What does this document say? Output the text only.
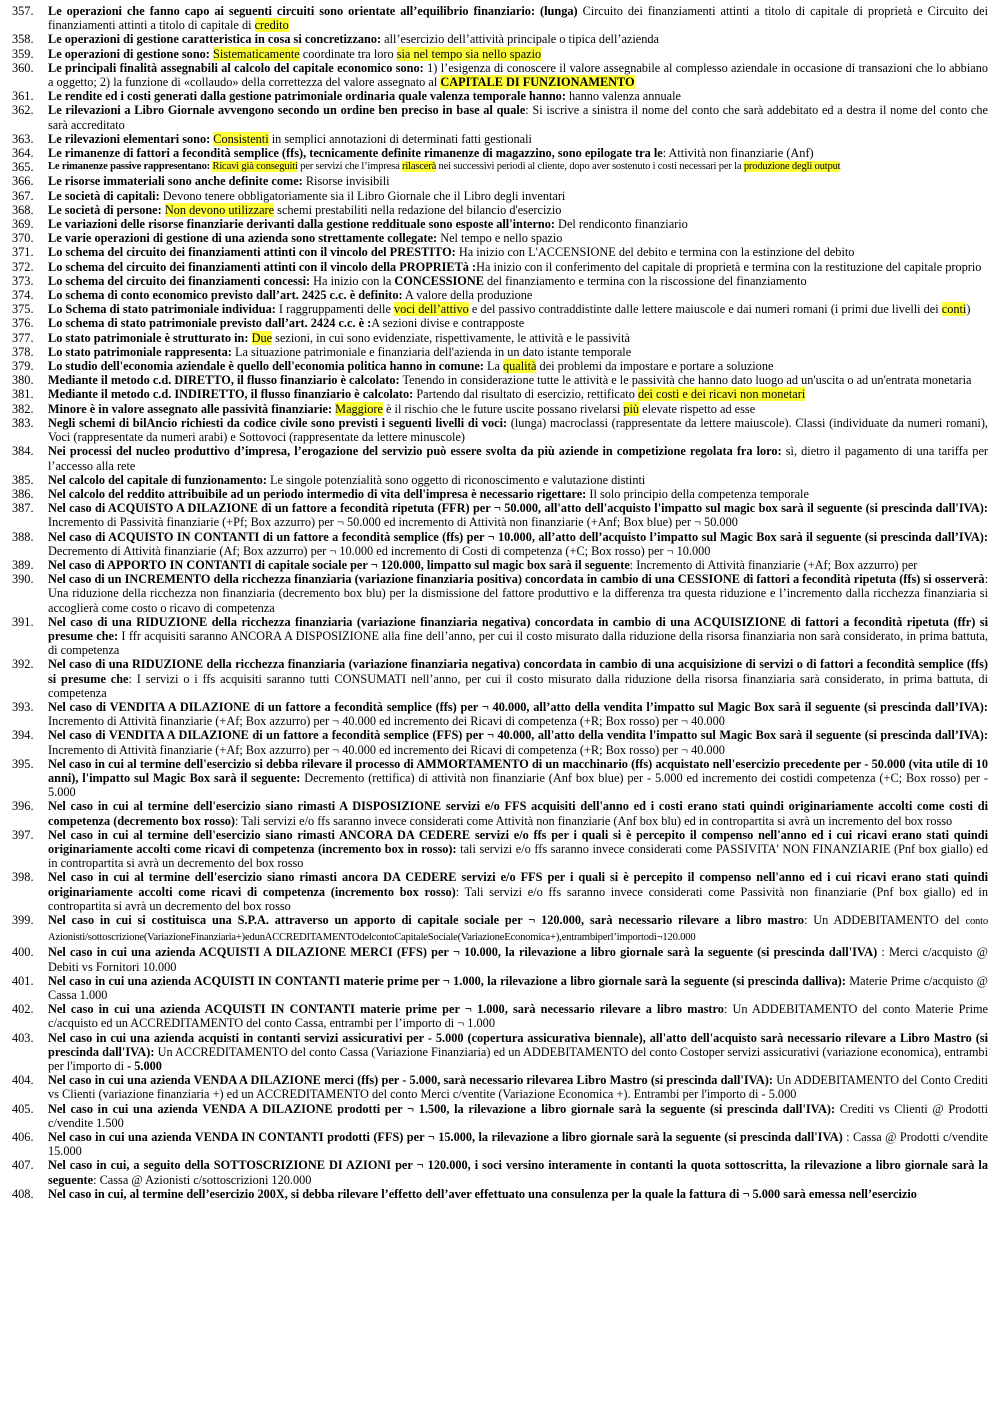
357.	Le operazioni che fanno capo ai seguenti circuiti sono orientate all’equilibrio finanziario: (lunga) Circuito dei finanziamenti attinti a titolo di capitale di proprietà e Circuito dei finanziamenti attinti a titolo di capitale di credito
358.	Le operazioni di gestione caratteristica in cosa si concretizzano: all’esercizio dell’attività principale o tipica dell’azienda
359.	Le operazioni di gestione sono: Sistematicamente coordinate tra loro sia nel tempo sia nello spazio
360.	Le principali finalità assegnabili al calcolo del capitale economico sono: 1) l’esigenza di conoscere il valore assegnabile al complesso aziendale in occasione di transazioni che lo abbiano a oggetto; 2) la funzione di «collaudo» della correttezza del valore assegnato al CAPITALE DI FUNZIONAMENTO
361.	Le rendite ed i costi generati dalla gestione patrimoniale ordinaria quale valenza temporale hanno: hanno valenza annuale
362.	Le rilevazioni a Libro Giornale avvengono secondo un ordine ben preciso in base al quale: Si iscrive a sinistra il nome del conto che sarà addebitato ed a destra il nome del conto che sarà accreditato
363.	Le rilevazioni elementari sono: Consistenti in semplici annotazioni di determinati fatti gestionali
364.	Le rimanenze di fattori a fecondità semplice (ffs), tecnicamente definite rimanenze di magazzino, sono epilogate tra le: Attività non finanziarie (Anf)
365.	Le rimanenze passive rappresentano: Ricavi già conseguiti per servizi che l’impresa rilascerà nei successivi periodi al cliente, dopo aver sostenuto i costi necessari per la produzione degli output
366.	Le risorse immateriali sono anche definite come: Risorse invisibili
367.	Le società di capitali: Devono tenere obbligatoriamente sia il Libro Giornale che il Libro degli inventari
368.	Le società di persone: Non devono utilizzare schemi prestabiliti nella redazione del bilancio d'esercizio
369.	Le variazioni delle risorse finanziarie derivanti dalla gestione reddituale sono esposte all'interno: Del rendiconto finanziario
370.	Le varie operazioni di gestione di una azienda sono strettamente collegate: Nel tempo e nello spazio
371.	Lo schema del circuito dei finanziamenti attinti con il vincolo del PRESTITO: Ha inizio con L'ACCENSIONE del debito e termina con la estinzione del debito
372.	Lo schema del circuito dei finanziamenti attinti con il vincolo della PROPRIETà :Ha inizio con il conferimento del capitale di proprietà e termina con la restituzione del capitale proprio
373.	Lo schema del circuito dei finanziamenti concessi: Ha inizio con la CONCESSIONE del finanziamento e termina con la riscossione del finanziamento
374.	Lo schema di conto economico previsto dall’art. 2425 c.c. è definito: A valore della produzione
375.	Lo Schema di stato patrimoniale individua: I raggruppamenti delle voci dell’attivo e del passivo contraddistinte dalle lettere maiuscole e dai numeri romani (i primi due livelli dei conti)
376.	Lo schema di stato patrimoniale previsto dall’art. 2424 c.c. è :A sezioni divise e contrapposte
377.	Lo stato patrimoniale è strutturato in: Due sezioni, in cui sono evidenziate, rispettivamente, le attività e le passività
378.	Lo stato patrimoniale rappresenta: La situazione patrimoniale e finanziaria dell'azienda in un dato istante temporale
379.	Lo studio dell'economia aziendale è quello dell'economia politica hanno in comune: La qualità dei problemi da impostare e portare a soluzione
380.	Mediante il metodo c.d. DIRETTO, il flusso finanziario è calcolato: Tenendo in considerazione tutte le attività e le passività che hanno dato luogo ad un'uscita o ad un'entrata monetaria
381.	Mediante il metodo c.d. INDIRETTO, il flusso finanziario è calcolato: Partendo dal risultato di esercizio, rettificato dei costi e dei ricavi non monetari
382.	Minore è in valore assegnato alle passività finanziarie: Maggiore è il rischio che le future uscite possano rivelarsi più elevate rispetto ad esse
383.	Negli schemi di bilAncio richiesti da codice civile sono previsti i seguenti livelli di voci: (lunga) macroclassi (rappresentate da lettere maiuscole). Classi (individuate da numeri romani), Voci (rappresentate da numeri arabi) e Sottovoci (rappresentate da lettere minuscole)
384.	Nei processi del nucleo produttivo d’impresa, l’erogazione del servizio può essere svolta da più aziende in competizione regolata fra loro: sì, dietro il pagamento di una tariffa per l’accesso alla rete
385.	Nel calcolo del capitale di funzionamento: Le singole potenzialità sono oggetto di riconoscimento e valutazione distinti
386.	Nel calcolo del reddito attribuibile ad un periodo intermedio di vita dell'impresa è necessario rigettare: Il solo principio della competenza temporale
387.	Nel caso di ACQUISTO A DILAZIONE di un fattore a fecondità ripetuta (FFR) per ¬ 50.000, all'atto dell'acquisto l'impatto sul magic box sarà il seguente (si prescinda dall'IVA): Incremento di Passività finanziarie (+Pf; Box azzurro) per ¬ 50.000 ed incremento di Attività non finanziarie (+Anf; Box blue) per ¬ 50.000
388.	Nel caso di ACQUISTO IN CONTANTI di un fattore a fecondità semplice (ffs) per ¬ 10.000, all’atto dell’acquisto l’impatto sul Magic Box sarà il seguente (si prescinda dall’IVA): Decremento di Attività finanziarie (Af; Box azzurro) per ¬ 10.000 ed incremento di Costi di competenza (+C; Box rosso) per ¬ 10.000
389.	Nel caso di APPORTO IN CONTANTI di capitale sociale per ¬ 120.000, limpatto sul magic box sarà il seguente: Incremento di Attività finanziarie (+Af; Box azzurro) per
390.	Nel caso di un INCREMENTO della ricchezza finanziaria (variazione finanziaria positiva) concordata in cambio di una CESSIONE di fattori a fecondità ripetuta (ffs) si osserverà: Una riduzione della ricchezza non finanziaria (decremento box blu) per la dismissione del fattore produttivo e la differenza tra questa riduzione e l’incremento dalla ricchezza finanziaria si accoglierà come costo o ricavo di competenza
391.	Nel caso di una RIDUZIONE della ricchezza finanziaria (variazione finanziaria negativa) concordata in cambio di una ACQUISIZIONE di fattori a fecondità ripetuta (ffr) si presume che: I ffr acquisiti saranno ANCORA A DISPOSIZIONE alla fine dell’anno, per cui il costo misurato dalla riduzione della risorsa finanziaria non sarà considerato, in prima battuta, di competenza
392.	Nel caso di una RIDUZIONE della ricchezza finanziaria (variazione finanziaria negativa) concordata in cambio di una acquisizione di servizi o di fattori a fecondità semplice (ffs) si presume che: I servizi o i ffs acquisiti saranno tutti CONSUMATI nell’anno, per cui il costo misurato dalla riduzione della risorsa finanziaria sarà considerato, in prima battuta, di competenza
393.	Nel caso di VENDITA A DILAZIONE di un fattore a fecondità semplice (ffs) per ¬ 40.000, all’atto della vendita l’impatto sul Magic Box sarà il seguente (si prescinda dall’IVA): Incremento di Attività finanziarie (+Af; Box azzurro) per ¬ 40.000 ed incremento dei Ricavi di competenza (+R; Box rosso) per ¬ 40.000
394.	Nel caso di VENDITA A DILAZIONE di un fattore a fecondità semplice (FFS) per ¬ 40.000, all'atto della vendita l'impatto sul Magic Box sarà il seguente (si prescinda dall’IVA): Incremento di Attività finanziarie (+Af; Box azzurro) per ¬ 40.000 ed incremento dei Ricavi di competenza (+R; Box rosso) per ¬ 40.000
395.	Nel caso in cui al termine dell'esercizio si debba rilevare il processo di AMMORTAMENTO di un macchinario (ffs) acquistato nell'esercizio precedente per - 50.000 (vita utile di 10 anni), l'impatto sul Magic Box sarà il seguente: Decremento (rettifica) di attività non finanziarie (Anf box blue) per - 5.000 ed incremento dei costidi competenza (+C; Box rosso) per - 5.000
396.	Nel caso in cui al termine dell'esercizio siano rimasti A DISPOSIZIONE servizi e/o FFS acquisiti dell'anno ed i costi erano stati quindi originariamente accolti come costi di competenza (decremento box rosso): Tali servizi e/o ffs saranno invece considerati come Attività non finanziarie (Anf box blu) ed in contropartita si avrà un incremento del box rosso
397.	Nel caso in cui al termine dell'esercizio siano rimasti ANCORA DA CEDERE servizi e/o ffs per i quali si è percepito il compenso nell'anno ed i cui ricavi erano stati quindi originariamente accolti come ricavi di competenza (incremento box in rosso): tali servizi e/o ffs saranno invece considerati come PASSIVITA' NON FINANZIARIE (Pnf box giallo) ed in contropartita si avrà un decremento del box rosso
398.	Nel caso in cui al termine dell'esercizio siano rimasti ancora DA CEDERE servizi e/o FFS per i quali si è percepito il compenso nell'anno ed i cui ricavi erano stati quindi originariamente accolti come ricavi di competenza (incremento box rosso): Tali servizi e/o ffs saranno invece considerati come Passività non finanziarie (Pnf box giallo) ed in contropartita si avrà un decremento del box rosso
399.	Nel caso in cui si costituisca una S.P.A. attraverso un apporto di capitale sociale per ¬ 120.000, sarà necessario rilevare a libro mastro: Un ADDEBITAMENTO del conto Azionisti/sottoscrizione(VariazioneFinanziaria+)edunACCREDITAMENTOdelcontoCapitaleSociale(VariazioneEconomica+),entrambiperl’importodi¬120.000
400.	Nel caso in cui una azienda ACQUISTI A DILAZIONE MERCI (FFS) per ¬ 10.000, la rilevazione a libro giornale sarà la seguente (si prescinda dall'IVA) : Merci c/acquisto @ Debiti vs Fornitori 10.000
401.	Nel caso in cui una azienda ACQUISTI IN CONTANTI materie prime per ¬ 1.000, la rilevazione a libro giornale sarà la seguente (si prescinda dalliva): Materie Prime c/acquisto @ Cassa 1.000
402.	Nel caso in cui una azienda ACQUISTI IN CONTANTI materie prime per ¬ 1.000, sarà necessario rilevare a libro mastro: Un ADDEBITAMENTO del conto Materie Prime c/acquisto ed un ACCREDITAMENTO del conto Cassa, entrambi per l’importo di ¬ 1.000
403.	Nel caso in cui una azienda acquisti in contanti servizi assicurativi per - 5.000 (copertura assicurativa biennale), all'atto dell'acquisto sarà necessario rilevare a Libro Mastro (si prescinda dall'IVA): Un ACCREDITAMENTO del conto Cassa (Variazione Finanziaria) ed un ADDEBITAMENTO del conto Costoper servizi assicurativi (variazione economica), entrambi per l'importo di - 5.000
404.	Nel caso in cui una azienda VENDA A DILAZIONE merci (ffs) per - 5.000, sarà necessario rilevarea Libro Mastro (si prescinda dall'IVA): Un ADDEBITAMENTO del Conto Crediti vs Clienti (variazione finanziaria +) ed un ACCREDITAMENTO del conto Merci c/ventite (Variazione Economica +). Entrambi per l'importo di - 5.000
405.	Nel caso in cui una azienda VENDA A DILAZIONE prodotti per ¬ 1.500, la rilevazione a libro giornale sarà la seguente (si prescinda dall'IVA): Crediti vs Clienti @ Prodotti c/vendite 1.500
406.	Nel caso in cui una azienda VENDA IN CONTANTI prodotti (FFS) per ¬ 15.000, la rilevazione a libro giornale sarà la seguente (si prescinda dall'IVA) : Cassa @ Prodotti c/vendite 15.000
407.	Nel caso in cui, a seguito della SOTTOSCRIZIONE DI AZIONI per ¬ 120.000, i soci versino interamente in contanti la quota sottoscritta, la rilevazione a libro giornale sarà la seguente: Cassa @ Azionisti c/sottoscrizioni 120.000
408.	Nel caso in cui, al termine dell’esercizio 200X, si debba rilevare l’effetto dell’aver effettuato una consulenza per la quale la fattura di ¬ 5.000 sarà emessa nell’esercizio
